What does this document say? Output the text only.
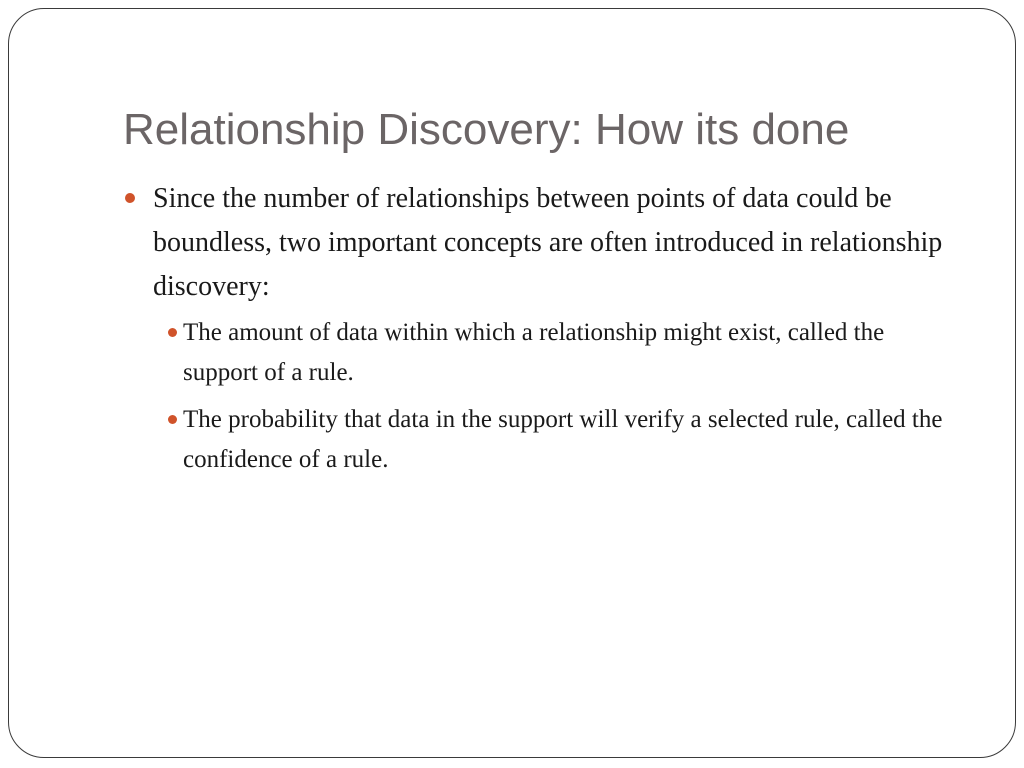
Relationship Discovery: How its done
Since the number of relationships between points of data could be boundless, two important concepts are often introduced in relationship discovery:
The amount of data within which a relationship might exist, called the support of a rule.
The probability that data in the support will verify a selected rule, called the confidence of a rule.
